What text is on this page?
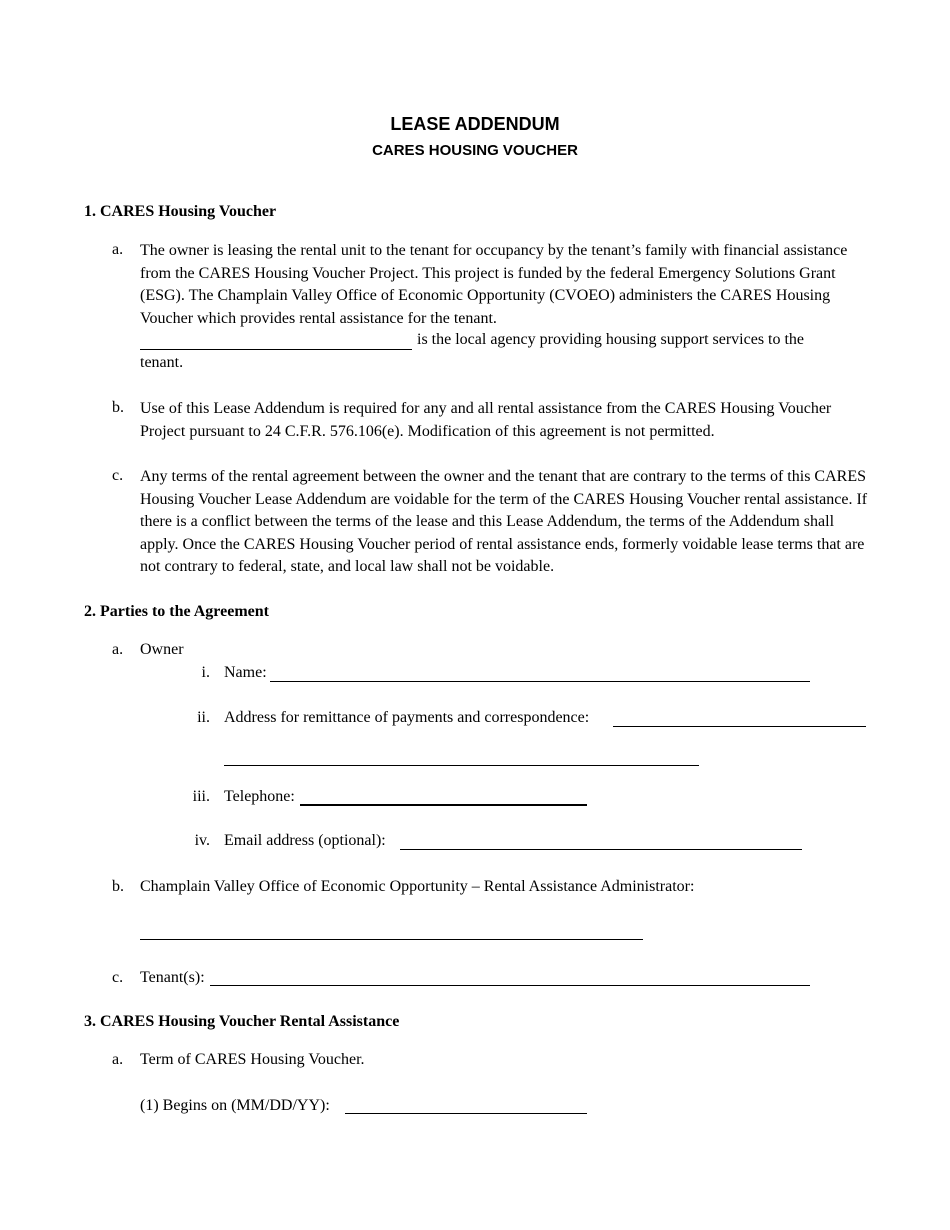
LEASE ADDENDUM
CARES HOUSING VOUCHER
1. CARES Housing Voucher
a. The owner is leasing the rental unit to the tenant for occupancy by the tenant’s family with financial assistance from the CARES Housing Voucher Project. This project is funded by the federal Emergency Solutions Grant (ESG). The Champlain Valley Office of Economic Opportunity (CVOEO) administers the CARES Housing Voucher which provides rental assistance for the tenant.
is the local agency providing housing support services to the
tenant.
b. Use of this Lease Addendum is required for any and all rental assistance from the CARES Housing Voucher Project pursuant to 24 C.F.R. 576.106(e). Modification of this agreement is not permitted.
c. Any terms of the rental agreement between the owner and the tenant that are contrary to the terms of this CARES Housing Voucher Lease Addendum are voidable for the term of the CARES Housing Voucher rental assistance. If there is a conflict between the terms of the lease and this Lease Addendum, the terms of the Addendum shall apply. Once the CARES Housing Voucher period of rental assistance ends, formerly voidable lease terms that are not contrary to federal, state, and local law shall not be voidable.
2. Parties to the Agreement
a. Owner
i. Name:
ii. Address for remittance of payments and correspondence:
iii. Telephone:
iv. Email address (optional):
b. Champlain Valley Office of Economic Opportunity – Rental Assistance Administrator:
c. Tenant(s):
3. CARES Housing Voucher Rental Assistance
a. Term of CARES Housing Voucher.
(1) Begins on (MM/DD/YY):
